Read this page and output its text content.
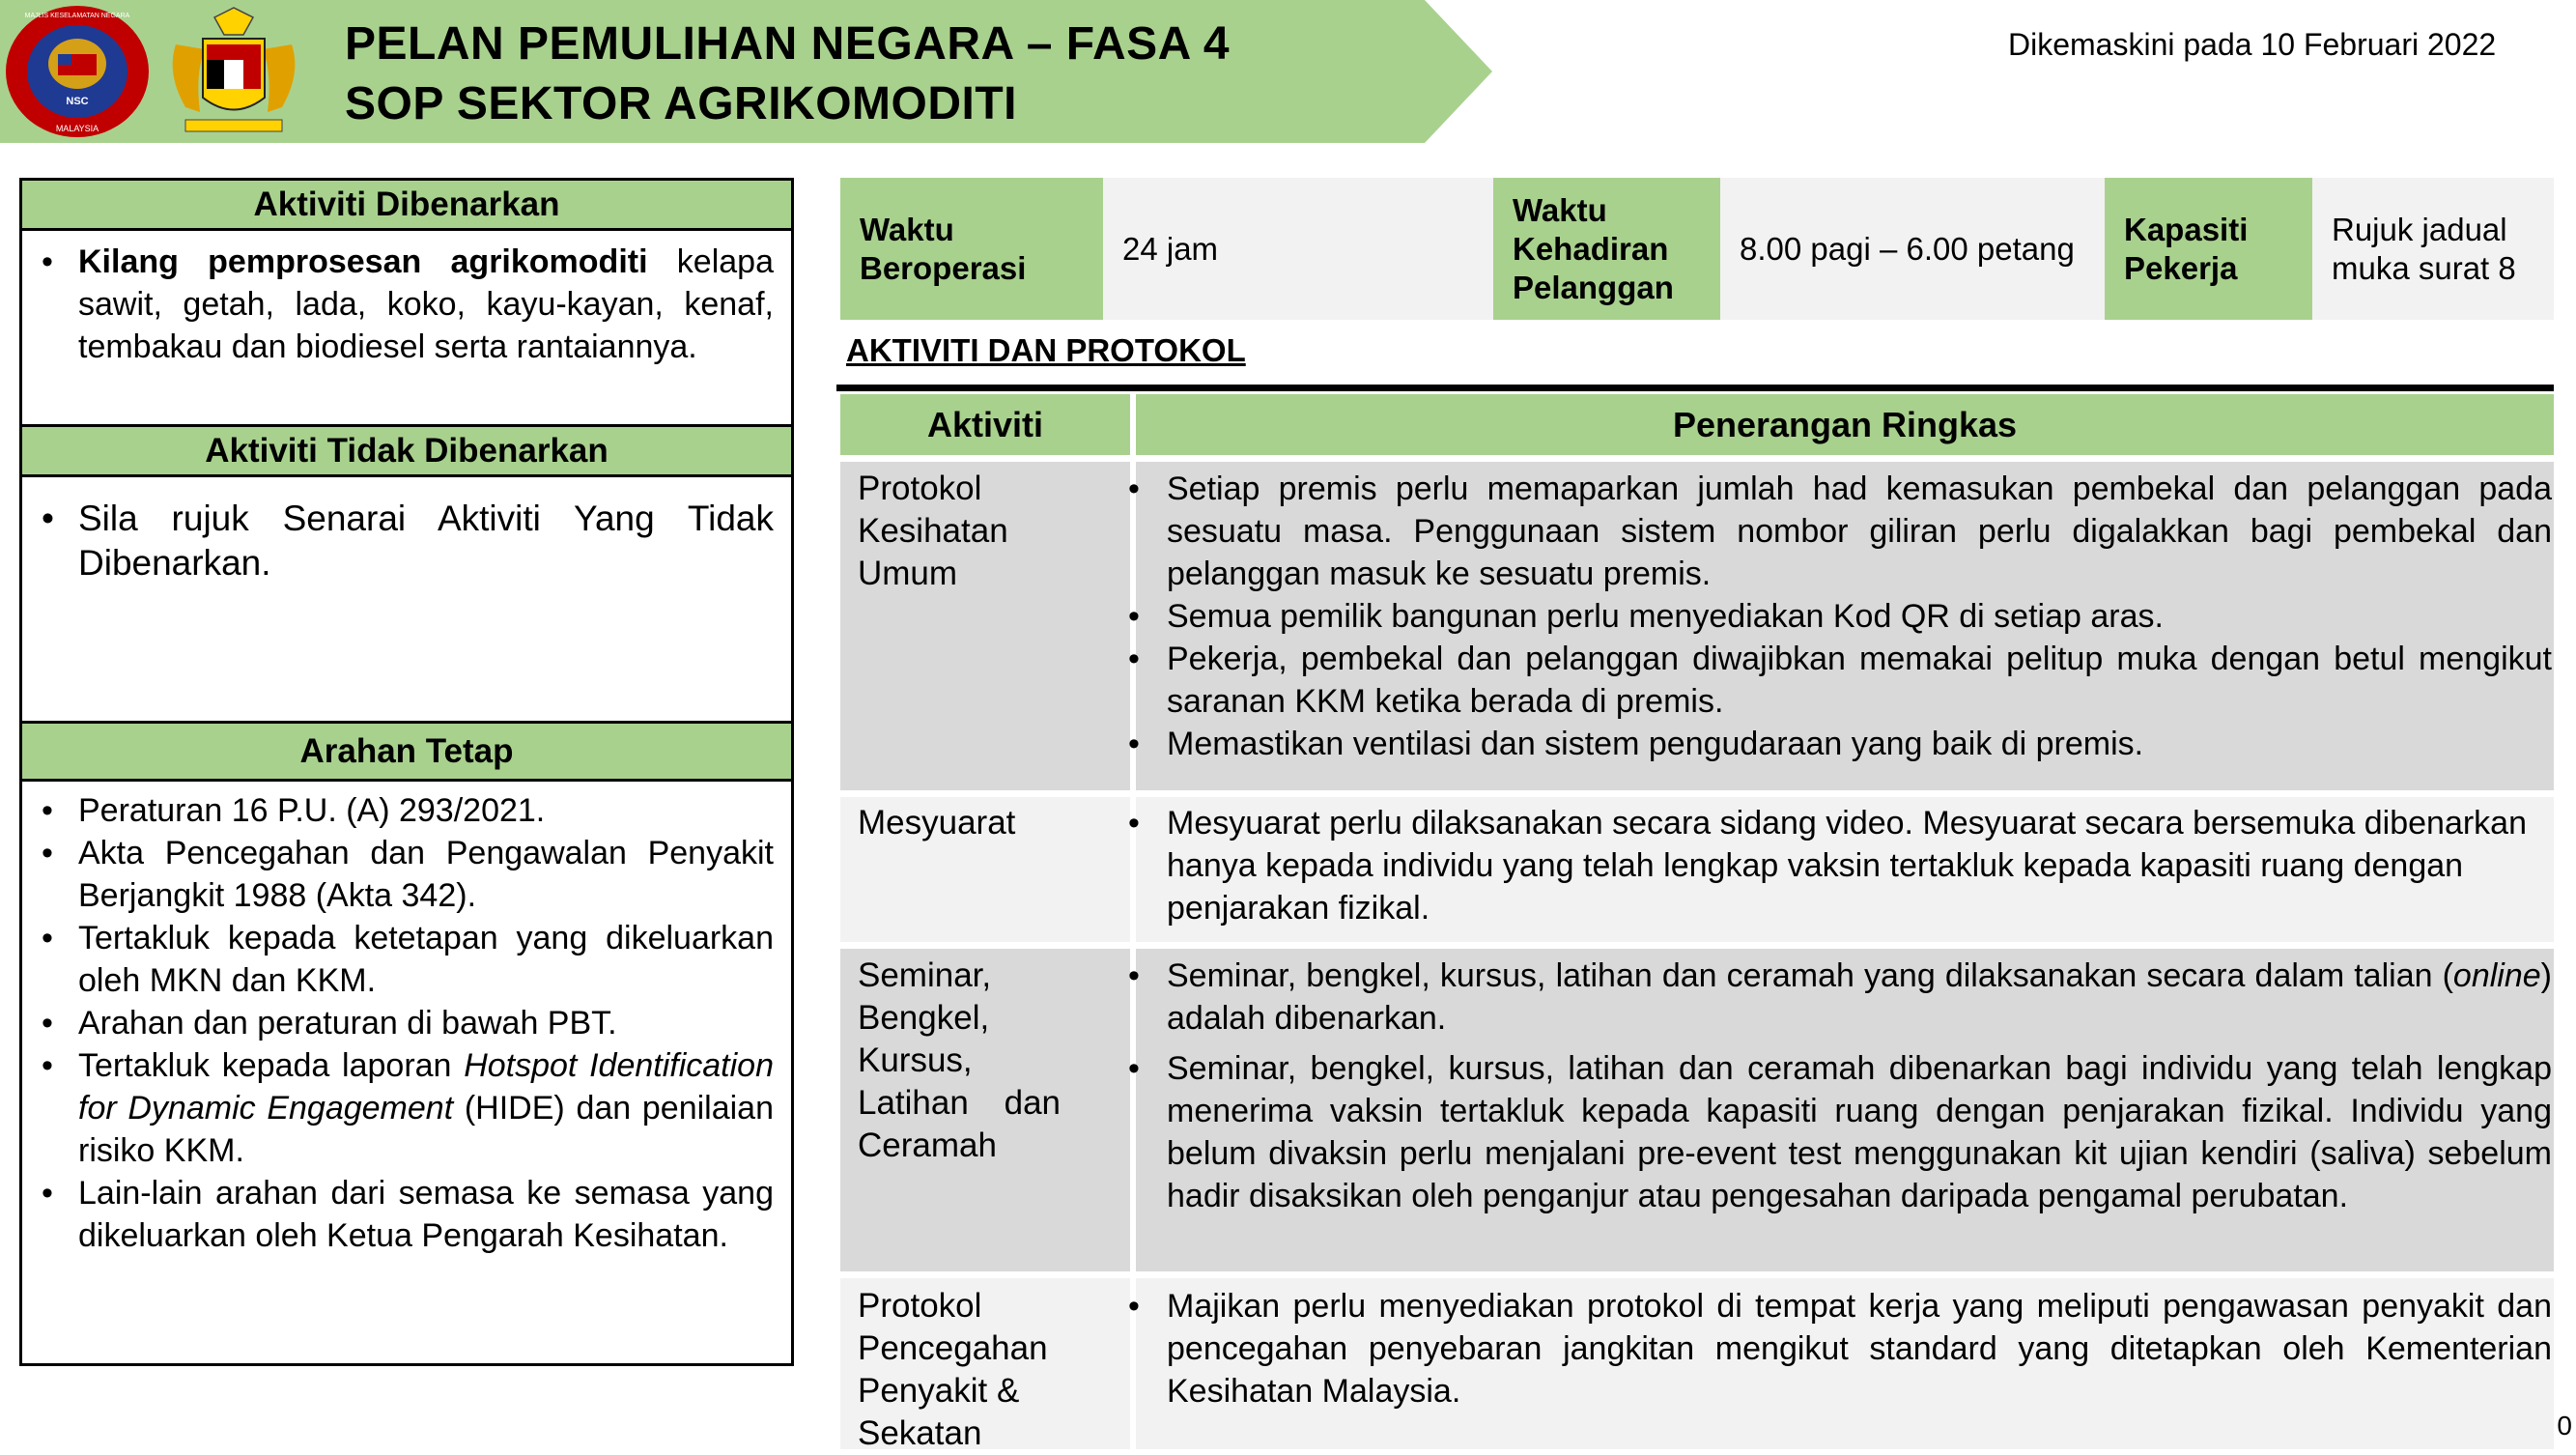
NSC
MALAYSIA
MAJLIS KESELAMATAN NEGARA
PELAN PEMULIHAN NEGARA – FASA 4
SOP SEKTOR AGRIKOMODITI
Dikemaskini pada 10 Februari 2022
Aktiviti Dibenarkan
• Kilang pemprosesan agrikomoditi kelapa sawit, getah, lada, koko, kayu-kayan, kenaf, tembakau dan biodiesel serta rantaiannya.
Aktiviti Tidak Dibenarkan
• Sila rujuk Senarai Aktiviti Yang Tidak Dibenarkan.
Arahan Tetap
• Peraturan 16 P.U. (A) 293/2021.
• Akta Pencegahan dan Pengawalan Penyakit Berjangkit 1988 (Akta 342).
• Tertakluk kepada ketetapan yang dikeluarkan oleh MKN dan KKM.
• Arahan dan peraturan di bawah PBT.
• Tertakluk kepada laporan Hotspot Identification for Dynamic Engagement (HIDE) dan penilaian risiko KKM.
• Lain-lain arahan dari semasa ke semasa yang dikeluarkan oleh Ketua Pengarah Kesihatan.
Waktu Beroperasi
24 jam
Waktu Kehadiran Pelanggan
8.00 pagi – 6.00 petang
Kapasiti Pekerja
Rujuk jadual muka surat 8
AKTIVITI DAN PROTOKOL
Aktiviti	Penerangan Ringkas
Protokol Kesihatan Umum
• Setiap premis perlu memaparkan jumlah had kemasukan pembekal dan pelanggan pada sesuatu masa. Penggunaan sistem nombor giliran perlu digalakkan bagi pembekal dan pelanggan masuk ke sesuatu premis.
• Semua pemilik bangunan perlu menyediakan Kod QR di setiap aras.
• Pekerja, pembekal dan pelanggan diwajibkan memakai pelitup muka dengan betul mengikut saranan KKM ketika berada di premis.
• Memastikan ventilasi dan sistem pengudaraan yang baik di premis.
Mesyuarat
•	Mesyuarat perlu dilaksanakan secara sidang video. Mesyuarat secara bersemuka dibenarkan hanya kepada individu yang telah lengkap vaksin tertakluk kepada kapasiti ruang dengan penjarakan fizikal.
Seminar, Bengkel, Kursus, Latihan dan Ceramah
• Seminar, bengkel, kursus, latihan dan ceramah yang dilaksanakan secara dalam talian (online) adalah dibenarkan.
• Seminar, bengkel, kursus, latihan dan ceramah dibenarkan bagi individu yang telah lengkap menerima vaksin tertakluk kepada kapasiti ruang dengan penjarakan fizikal. Individu yang belum divaksin perlu menjalani pre-event test menggunakan kit ujian kendiri (saliva) sebelum hadir disaksikan oleh penganjur atau pengesahan daripada pengamal perubatan.
Protokol Pencegahan Penyakit & Sekatan
• Majikan perlu menyediakan protokol di tempat kerja yang meliputi pengawasan penyakit dan pencegahan penyebaran jangkitan mengikut standard yang ditetapkan oleh Kementerian Kesihatan Malaysia.
0
